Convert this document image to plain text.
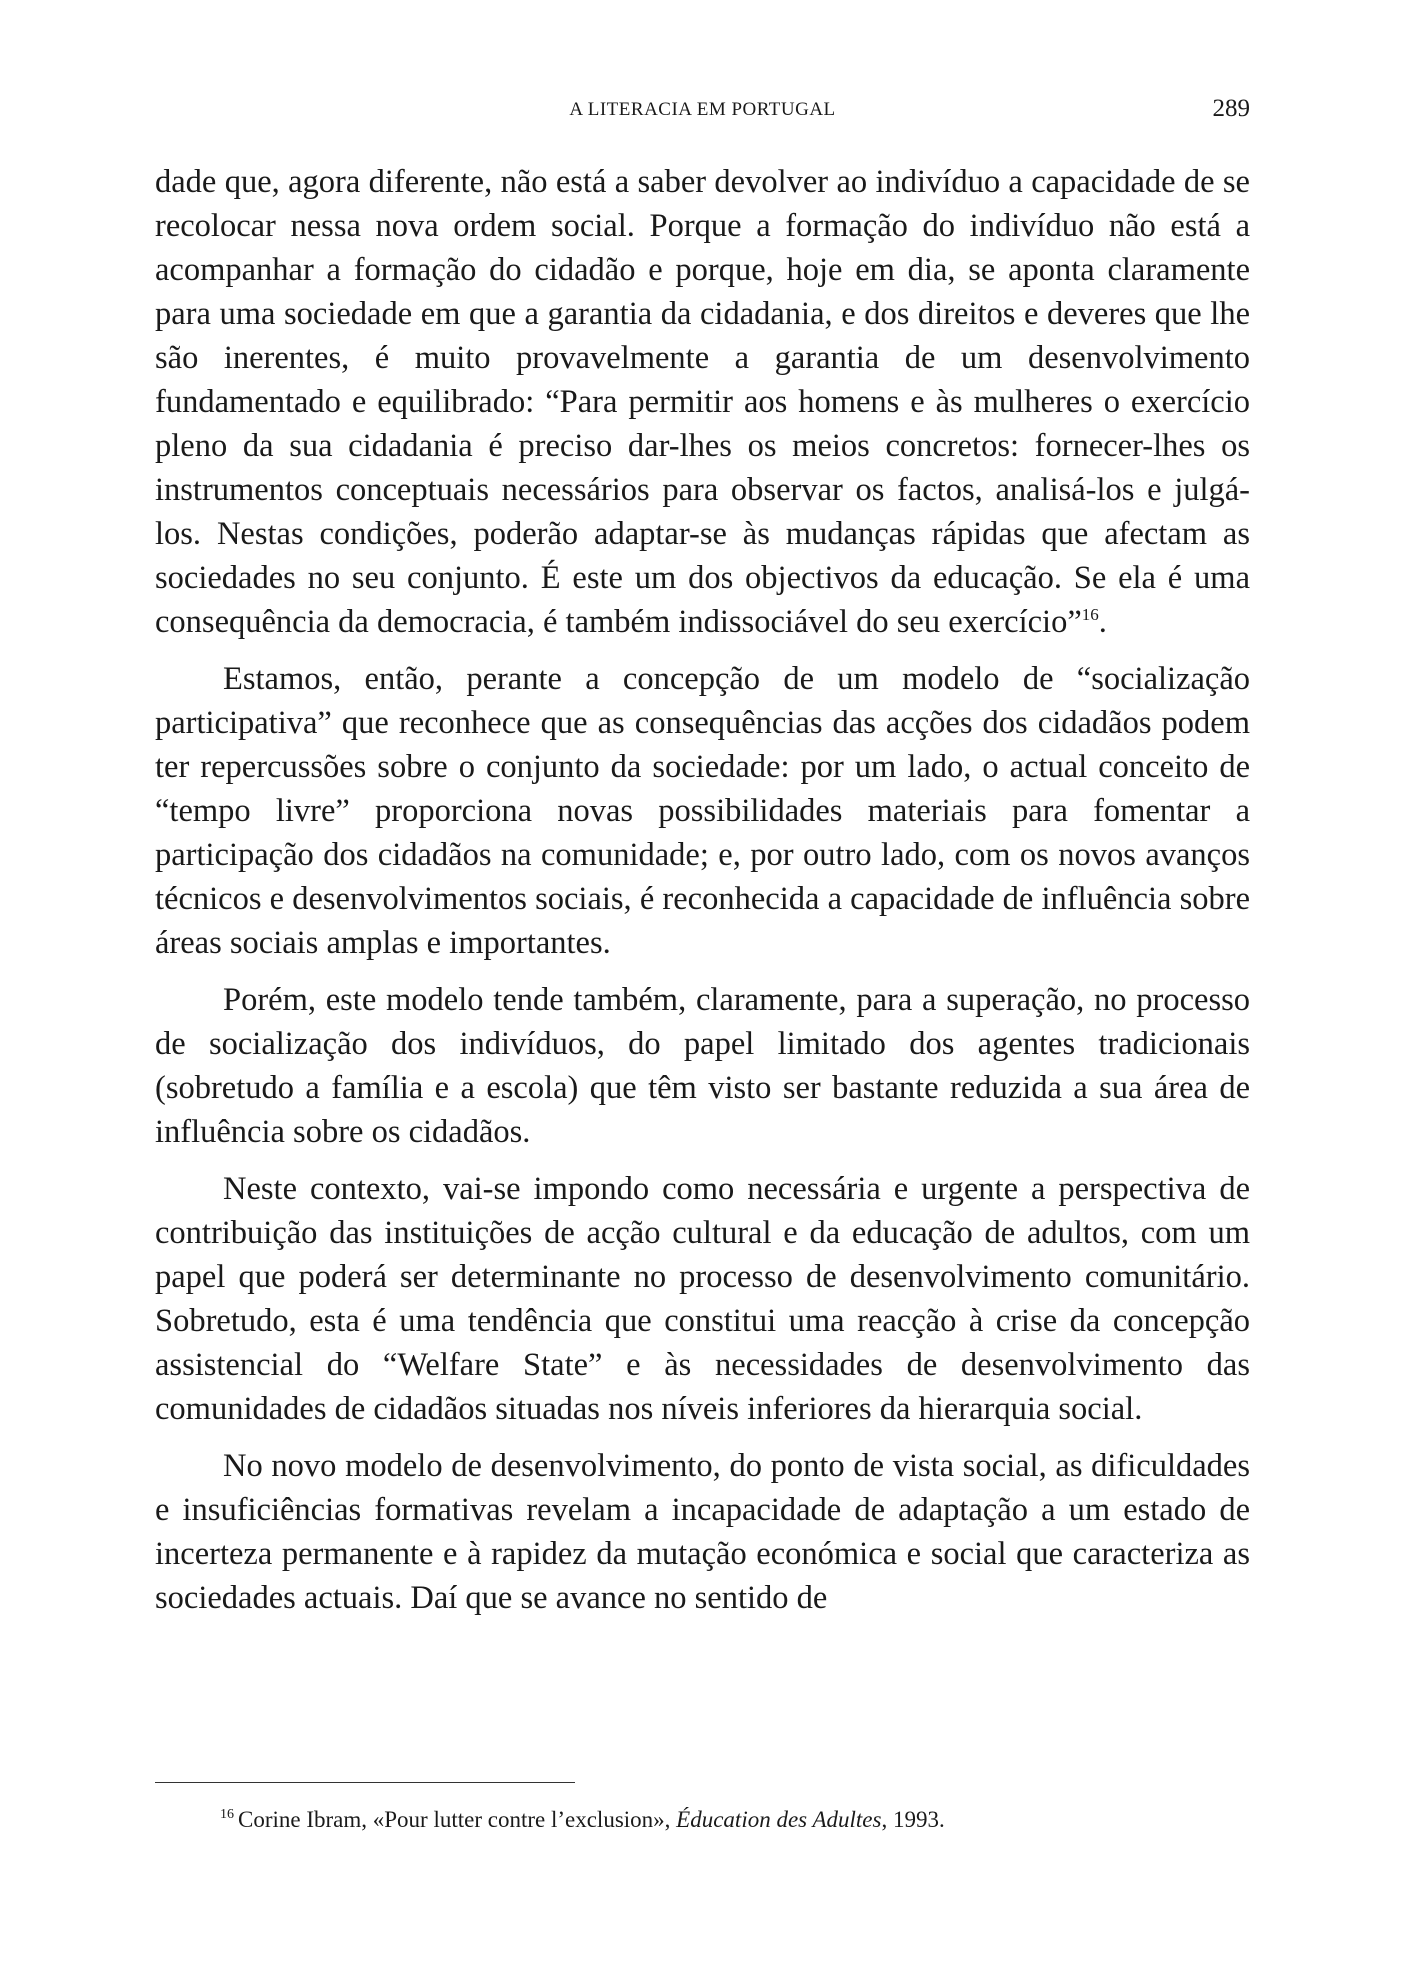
A LITERACIA EM PORTUGAL	289

dade que, agora diferente, não está a saber devolver ao indivíduo a capacidade de se recolocar nessa nova ordem social. Porque a formação do indivíduo não está a acompanhar a formação do cidadão e porque, hoje em dia, se aponta claramente para uma sociedade em que a garantia da cidadania, e dos direitos e deveres que lhe são inerentes, é muito provavelmente a garantia de um desenvolvimento fundamentado e equilibrado: “Para permitir aos homens e às mulheres o exercício pleno da sua cidadania é preciso dar-lhes os meios concretos: fornecer-lhes os instrumentos conceptuais necessários para observar os factos, analisá-los e julgá-los. Nestas condições, poderão adaptar-se às mudanças rápidas que afectam as sociedades no seu conjunto. É este um dos objectivos da educação. Se ela é uma consequência da democracia, é também indissociável do seu exercício”$^{16}$.

Estamos, então, perante a concepção de um modelo de “socialização participativa” que reconhece que as consequências das acções dos cidadãos podem ter repercussões sobre o conjunto da sociedade: por um lado, o actual conceito de “tempo livre” proporciona novas possibilidades materiais para fomentar a participação dos cidadãos na comunidade; e, por outro lado, com os novos avanços técnicos e desenvolvimentos sociais, é reconhecida a capacidade de influência sobre áreas sociais amplas e importantes.

Porém, este modelo tende também, claramente, para a superação, no processo de socialização dos indivíduos, do papel limitado dos agentes tradicionais (sobretudo a família e a escola) que têm visto ser bastante reduzida a sua área de influência sobre os cidadãos.

Neste contexto, vai-se impondo como necessária e urgente a perspectiva de contribuição das instituições de acção cultural e da educação de adultos, com um papel que poderá ser determinante no processo de desenvolvimento comunitário. Sobretudo, esta é uma tendência que constitui uma reacção à crise da concepção assistencial do “Welfare State” e às necessidades de desenvolvimento das comunidades de cidadãos situadas nos níveis inferiores da hierarquia social.

No novo modelo de desenvolvimento, do ponto de vista social, as dificuldades e insuficiências formativas revelam a incapacidade de adaptação a um estado de incerteza permanente e à rapidez da mutação económica e social que caracteriza as sociedades actuais. Daí que se avance no sentido de

$^{16}$ Corine Ibram, «Pour lutter contre l’exclusion», Éducation des Adultes, 1993.
